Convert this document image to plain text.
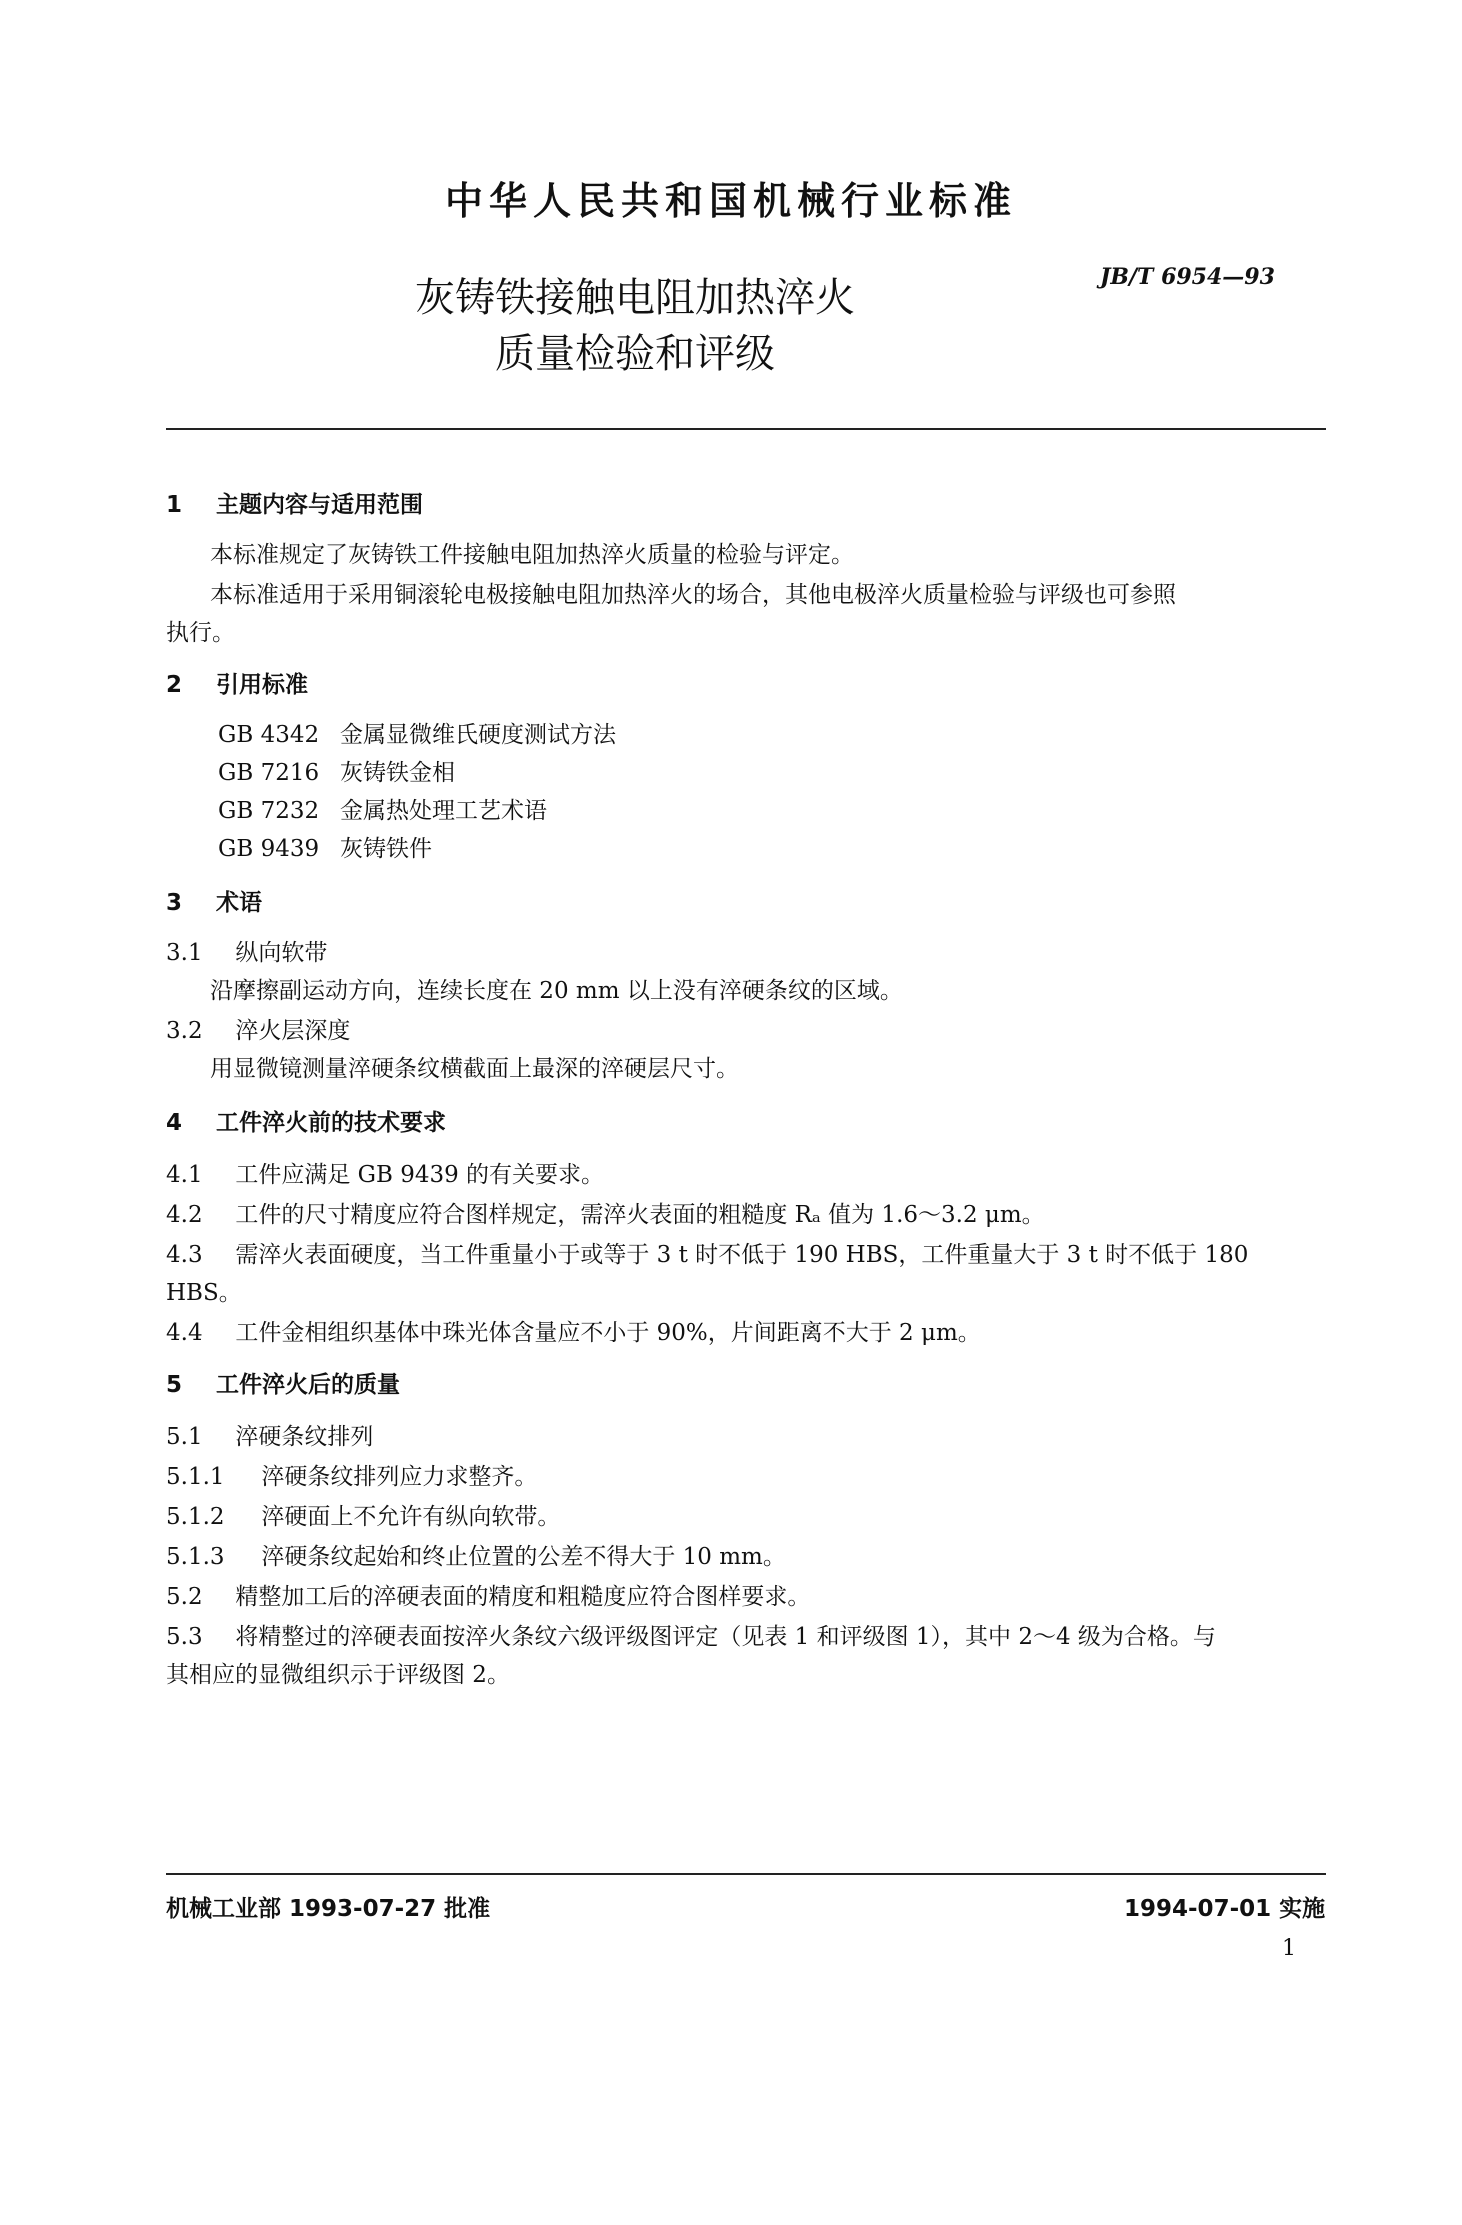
中华人民共和国机械行业标准
灰铸铁接触电阻加热淬火
质量检验和评级
JB/T 6954—93
1 主题内容与适用范围
本标准规定了灰铸铁工件接触电阻加热淬火质量的检验与评定。
本标准适用于采用铜滚轮电极接触电阻加热淬火的场合，其他电极淬火质量检验与评级也可参照
执行。
2 引用标准
GB 4342 金属显微维氏硬度测试方法
GB 7216 灰铸铁金相
GB 7232 金属热处理工艺术语
GB 9439 灰铸铁件
3 术语
3.1 纵向软带
沿摩擦副运动方向，连续长度在 20 mm 以上没有淬硬条纹的区域。
3.2 淬火层深度
用显微镜测量淬硬条纹横截面上最深的淬硬层尺寸。
4 工件淬火前的技术要求
4.1 工件应满足 GB 9439 的有关要求。
4.2 工件的尺寸精度应符合图样规定，需淬火表面的粗糙度 Rₐ 值为 1.6～3.2 μm。
4.3 需淬火表面硬度，当工件重量小于或等于 3 t 时不低于 190 HBS，工件重量大于 3 t 时不低于 180
HBS。
4.4 工件金相组织基体中珠光体含量应不小于 90%，片间距离不大于 2 μm。
5 工件淬火后的质量
5.1 淬硬条纹排列
5.1.1 淬硬条纹排列应力求整齐。
5.1.2 淬硬面上不允许有纵向软带。
5.1.3 淬硬条纹起始和终止位置的公差不得大于 10 mm。
5.2 精整加工后的淬硬表面的精度和粗糙度应符合图样要求。
5.3 将精整过的淬硬表面按淬火条纹六级评级图评定（见表 1 和评级图 1），其中 2～4 级为合格。与
其相应的显微组织示于评级图 2。
机械工业部 1993-07-27 批准	1994-07-01 实施
1
